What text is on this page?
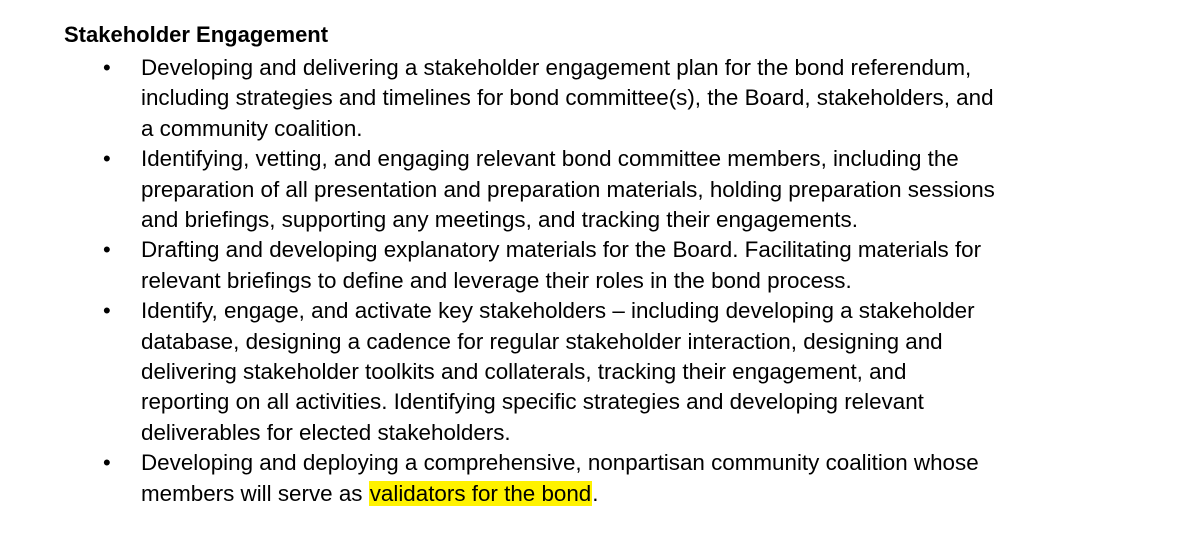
Stakeholder Engagement
• Developing and delivering a stakeholder engagement plan for the bond referendum,
including strategies and timelines for bond committee(s), the Board, stakeholders, and
a community coalition.
• Identifying, vetting, and engaging relevant bond committee members, including the
preparation of all presentation and preparation materials, holding preparation sessions
and briefings, supporting any meetings, and tracking their engagements.
• Drafting and developing explanatory materials for the Board. Facilitating materials for
relevant briefings to define and leverage their roles in the bond process.
• Identify, engage, and activate key stakeholders – including developing a stakeholder
database, designing a cadence for regular stakeholder interaction, designing and
delivering stakeholder toolkits and collaterals, tracking their engagement, and
reporting on all activities. Identifying specific strategies and developing relevant
deliverables for elected stakeholders.
• Developing and deploying a comprehensive, nonpartisan community coalition whose
members will serve as validators for the bond.
